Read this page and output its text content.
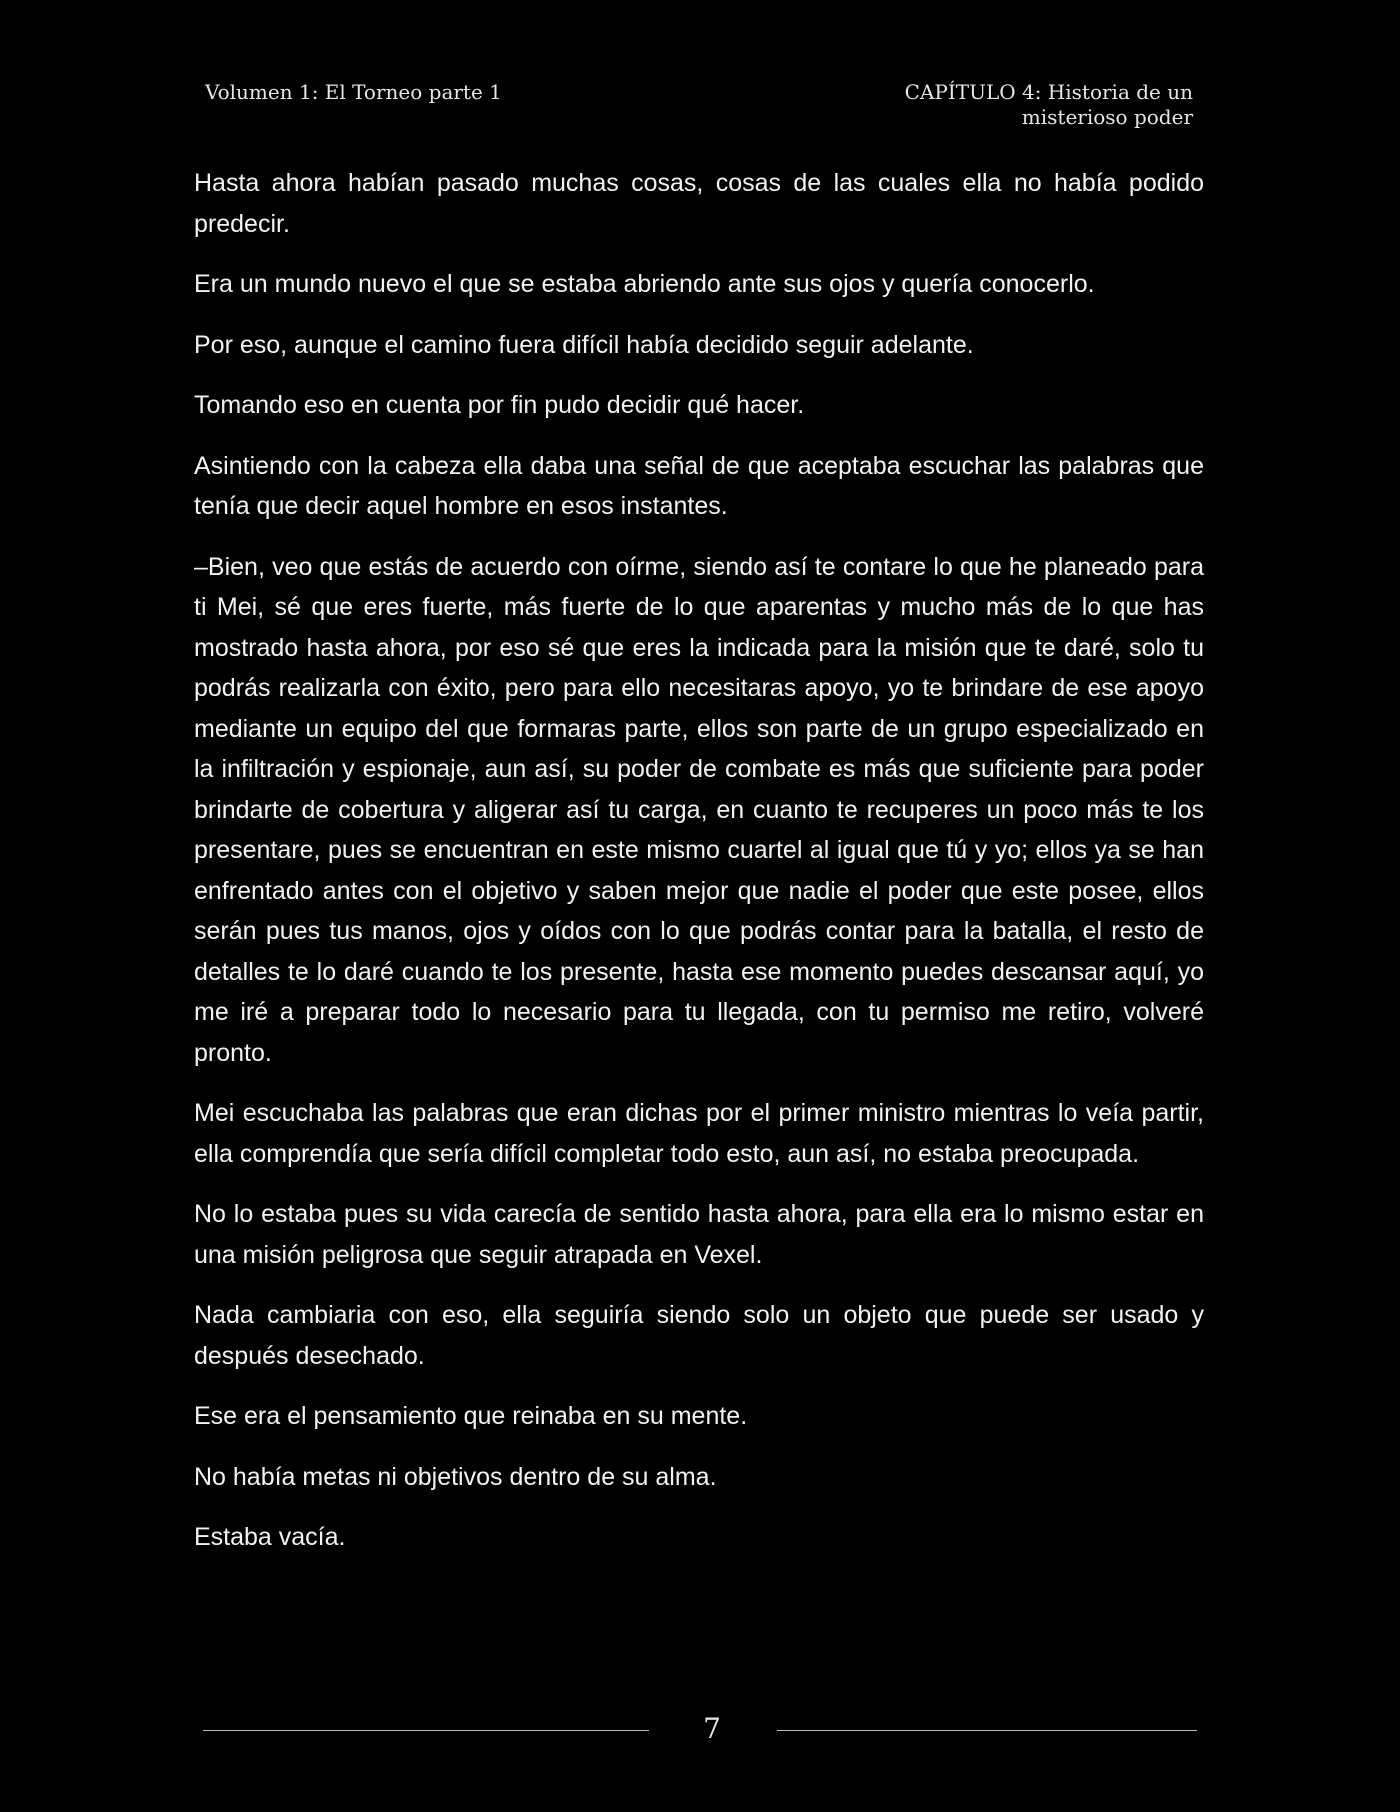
Volumen 1: El Torneo parte 1	CAPÍTULO 4: Historia de un
misterioso poder

Hasta ahora habían pasado muchas cosas, cosas de las cuales ella no había podido predecir.

Era un mundo nuevo el que se estaba abriendo ante sus ojos y quería conocerlo.

Por eso, aunque el camino fuera difícil había decidido seguir adelante.

Tomando eso en cuenta por fin pudo decidir qué hacer.

Asintiendo con la cabeza ella daba una señal de que aceptaba escuchar las palabras que tenía que decir aquel hombre en esos instantes.

–Bien, veo que estás de acuerdo con oírme, siendo así te contare lo que he planeado para ti Mei, sé que eres fuerte, más fuerte de lo que aparentas y mucho más de lo que has mostrado hasta ahora, por eso sé que eres la indicada para la misión que te daré, solo tu podrás realizarla con éxito, pero para ello necesitaras apoyo, yo te brindare de ese apoyo mediante un equipo del que formaras parte, ellos son parte de un grupo especializado en la infiltración y espionaje, aun así, su poder de combate es más que suficiente para poder brindarte de cobertura y aligerar así tu carga, en cuanto te recuperes un poco más te los presentare, pues se encuentran en este mismo cuartel al igual que tú y yo; ellos ya se han enfrentado antes con el objetivo y saben mejor que nadie el poder que este posee, ellos serán pues tus manos, ojos y oídos con lo que podrás contar para la batalla, el resto de detalles te lo daré cuando te los presente, hasta ese momento puedes descansar aquí, yo me iré a preparar todo lo necesario para tu llegada, con tu permiso me retiro, volveré pronto.

Mei escuchaba las palabras que eran dichas por el primer ministro mientras lo veía partir, ella comprendía que sería difícil completar todo esto, aun así, no estaba preocupada.

No lo estaba pues su vida carecía de sentido hasta ahora, para ella era lo mismo estar en una misión peligrosa que seguir atrapada en Vexel.

Nada cambiaria con eso, ella seguiría siendo solo un objeto que puede ser usado y después desechado.

Ese era el pensamiento que reinaba en su mente.

No había metas ni objetivos dentro de su alma.

Estaba vacía.

7
